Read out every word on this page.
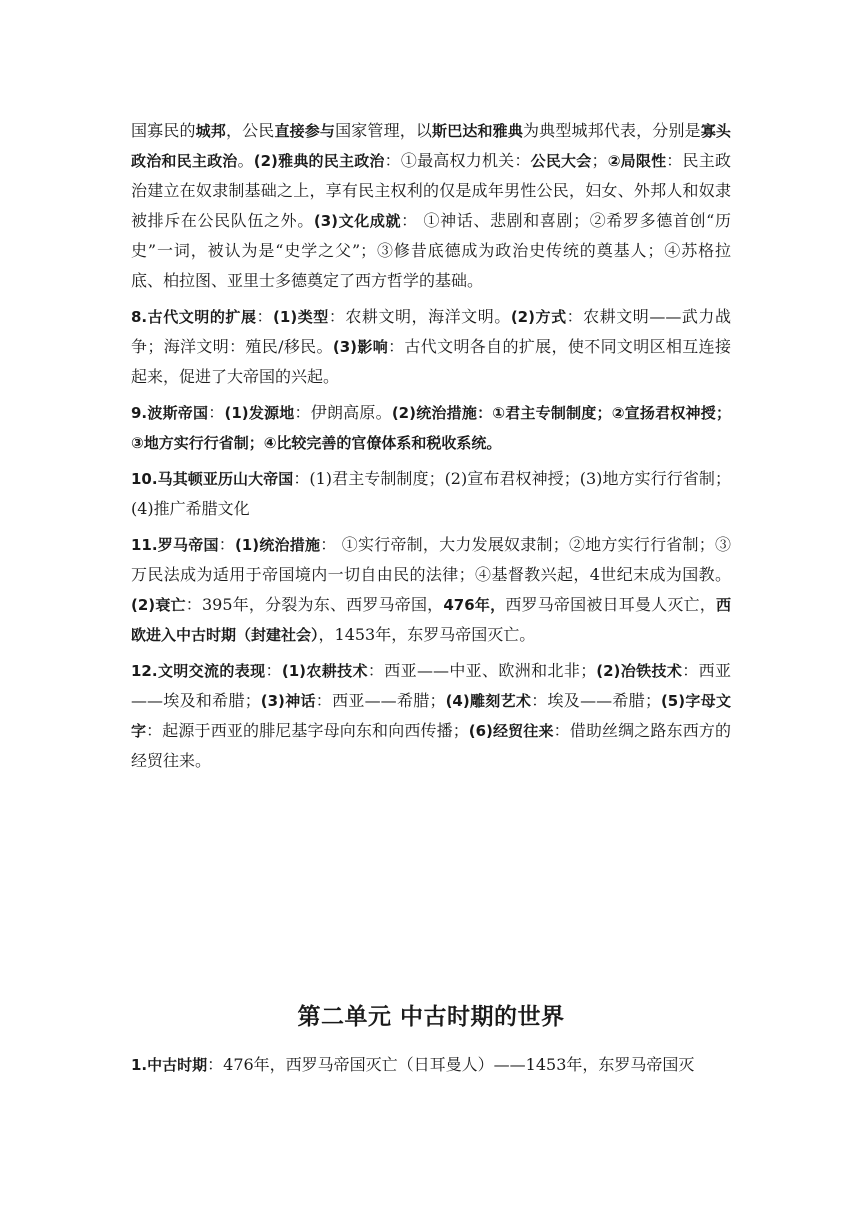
国寡民的城邦，公民直接参与国家管理，以斯巴达和雅典为典型城邦代表，分别是寡头政治和民主政治。(2)雅典的民主政治：①最高权力机关：公民大会；②局限性：民主政治建立在奴隶制基础之上，享有民主权利的仅是成年男性公民，妇女、外邦人和奴隶被排斥在公民队伍之外。(3)文化成就： ①神话、悲剧和喜剧；②希罗多德首创“历史”一词，被认为是“史学之父”；③修昔底德成为政治史传统的奠基人；④苏格拉底、柏拉图、亚里士多德奠定了西方哲学的基础。

8.古代文明的扩展：(1)类型：农耕文明，海洋文明。(2)方式：农耕文明——武力战争；海洋文明：殖民/移民。(3)影响：古代文明各自的扩展，使不同文明区相互连接起来，促进了大帝国的兴起。

9.波斯帝国：(1)发源地：伊朗高原。(2)统治措施：①君主专制制度；②宣扬君权神授；③地方实行行省制；④比较完善的官僚体系和税收系统。

10.马其顿亚历山大帝国：(1)君主专制制度；(2)宣布君权神授；(3)地方实行行省制；(4)推广希腊文化

11.罗马帝国：(1)统治措施： ①实行帝制，大力发展奴隶制；②地方实行行省制；③万民法成为适用于帝国境内一切自由民的法律；④基督教兴起，4世纪末成为国教。(2)衰亡：395年，分裂为东、西罗马帝国，476年，西罗马帝国被日耳曼人灭亡，西欧进入中古时期（封建社会），1453年，东罗马帝国灭亡。

12.文明交流的表现：(1)农耕技术：西亚——中亚、欧洲和北非；(2)冶铁技术：西亚——埃及和希腊；(3)神话：西亚——希腊；(4)雕刻艺术：埃及——希腊；(5)字母文字：起源于西亚的腓尼基字母向东和向西传播；(6)经贸往来：借助丝绸之路东西方的经贸往来。

第二单元 中古时期的世界

1.中古时期：476年，西罗马帝国灭亡（日耳曼人）——1453年，东罗马帝国灭
